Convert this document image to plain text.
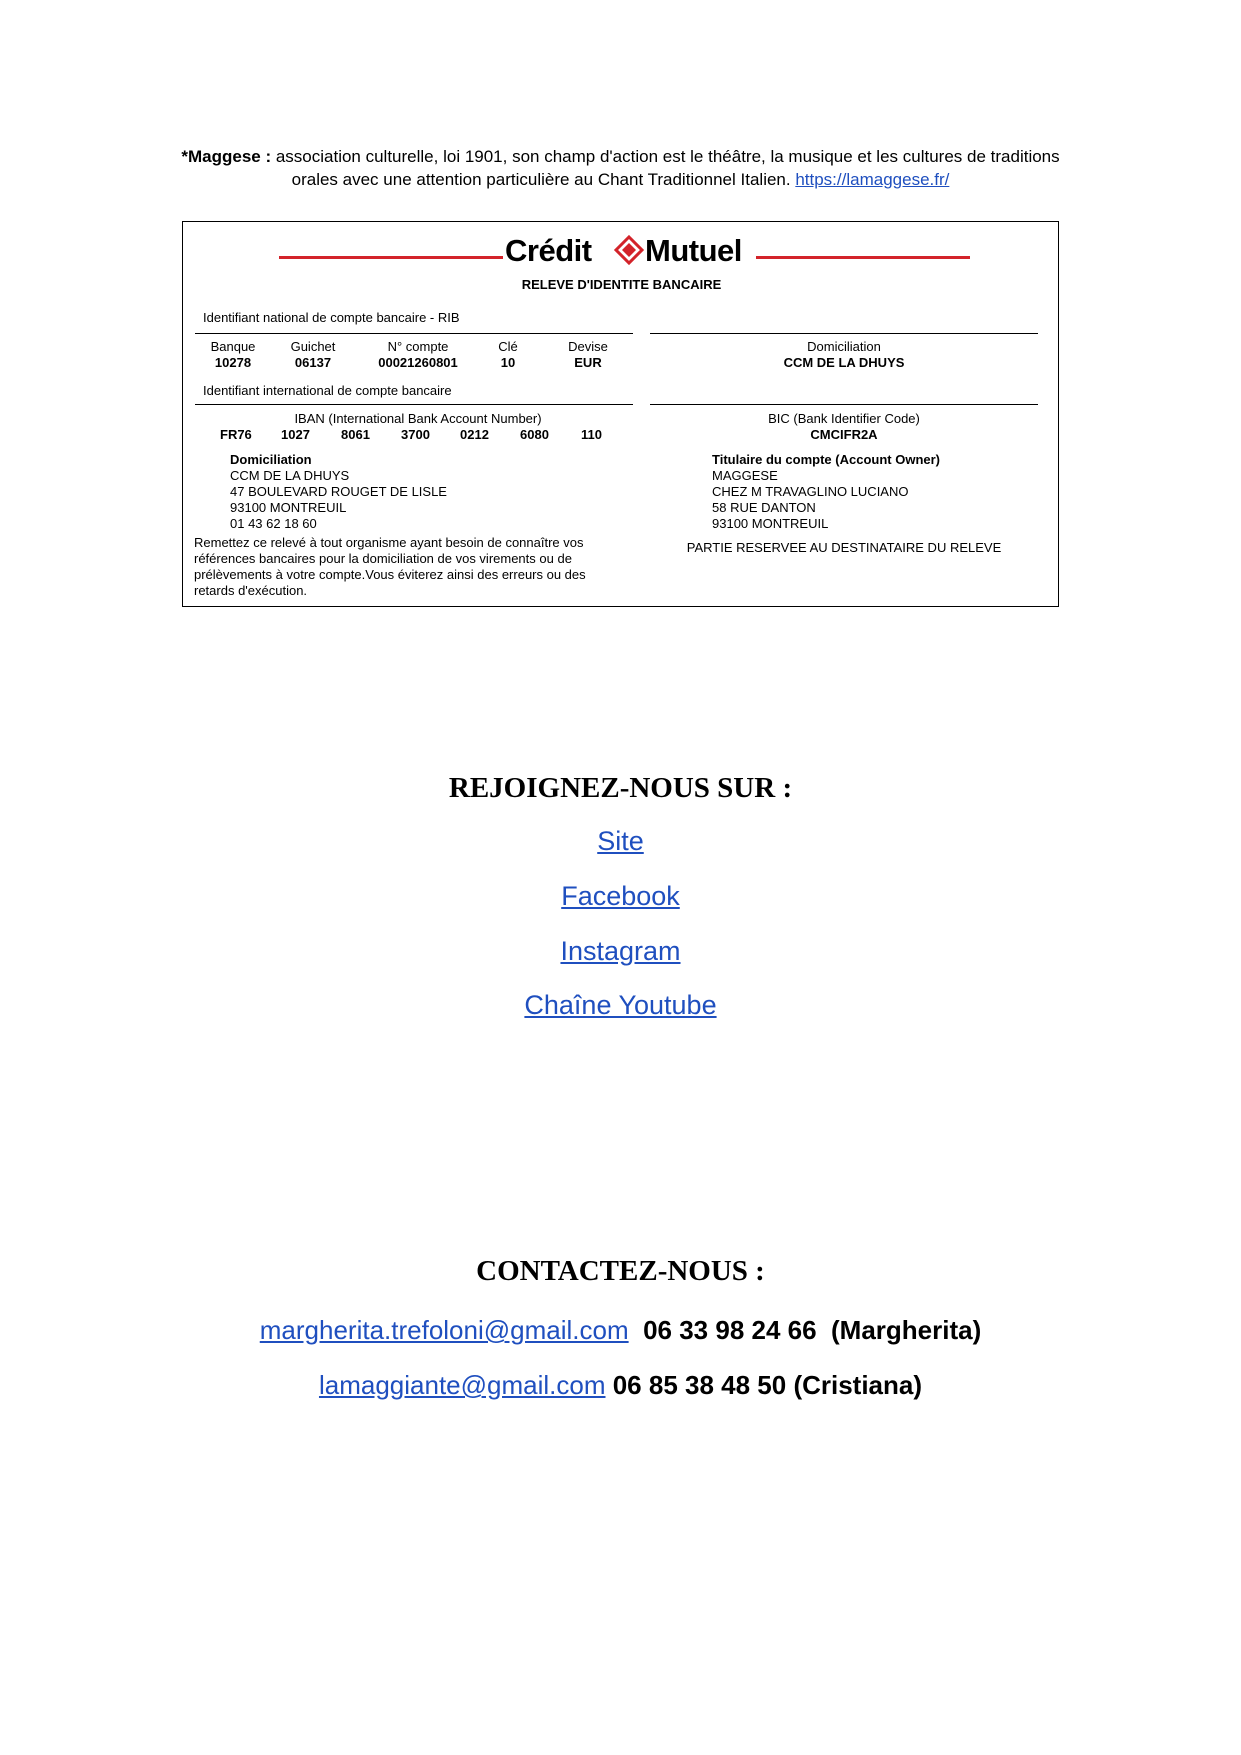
*Maggese : association culturelle, loi 1901, son champ d'action est le théâtre, la musique et les cultures de traditions
orales avec une attention particulière au Chant Traditionnel Italien. https://lamaggese.fr/
Crédit Mutuel
RELEVE D'IDENTITE BANCAIRE
Identifiant national de compte bancaire - RIB
Banque
10278
Guichet
06137
N° compte
00021260801
Clé
10
Devise
EUR
Domiciliation
CCM DE LA DHUYS
Identifiant international de compte bancaire
IBAN (International Bank Account Number)
FR76 1027 8061 3700 0212 6080 110
BIC (Bank Identifier Code)
CMCIFR2A
Domiciliation
CCM DE LA DHUYS
47 BOULEVARD ROUGET DE LISLE
93100 MONTREUIL
01 43 62 18 60
Titulaire du compte (Account Owner)
MAGGESE
CHEZ M TRAVAGLINO LUCIANO
58 RUE DANTON
93100 MONTREUIL
Remettez ce relevé à tout organisme ayant besoin de connaître vos
références bancaires pour la domiciliation de vos virements ou de
prélèvements à votre compte.Vous éviterez ainsi des erreurs ou des
retards d'exécution.
PARTIE RESERVEE AU DESTINATAIRE DU RELEVE
REJOIGNEZ-NOUS SUR :
Site
Facebook
Instagram
Chaîne Youtube
CONTACTEZ-NOUS :
margherita.trefoloni@gmail.com  06 33 98 24 66  (Margherita)
lamaggiante@gmail.com 06 85 38 48 50 (Cristiana)
